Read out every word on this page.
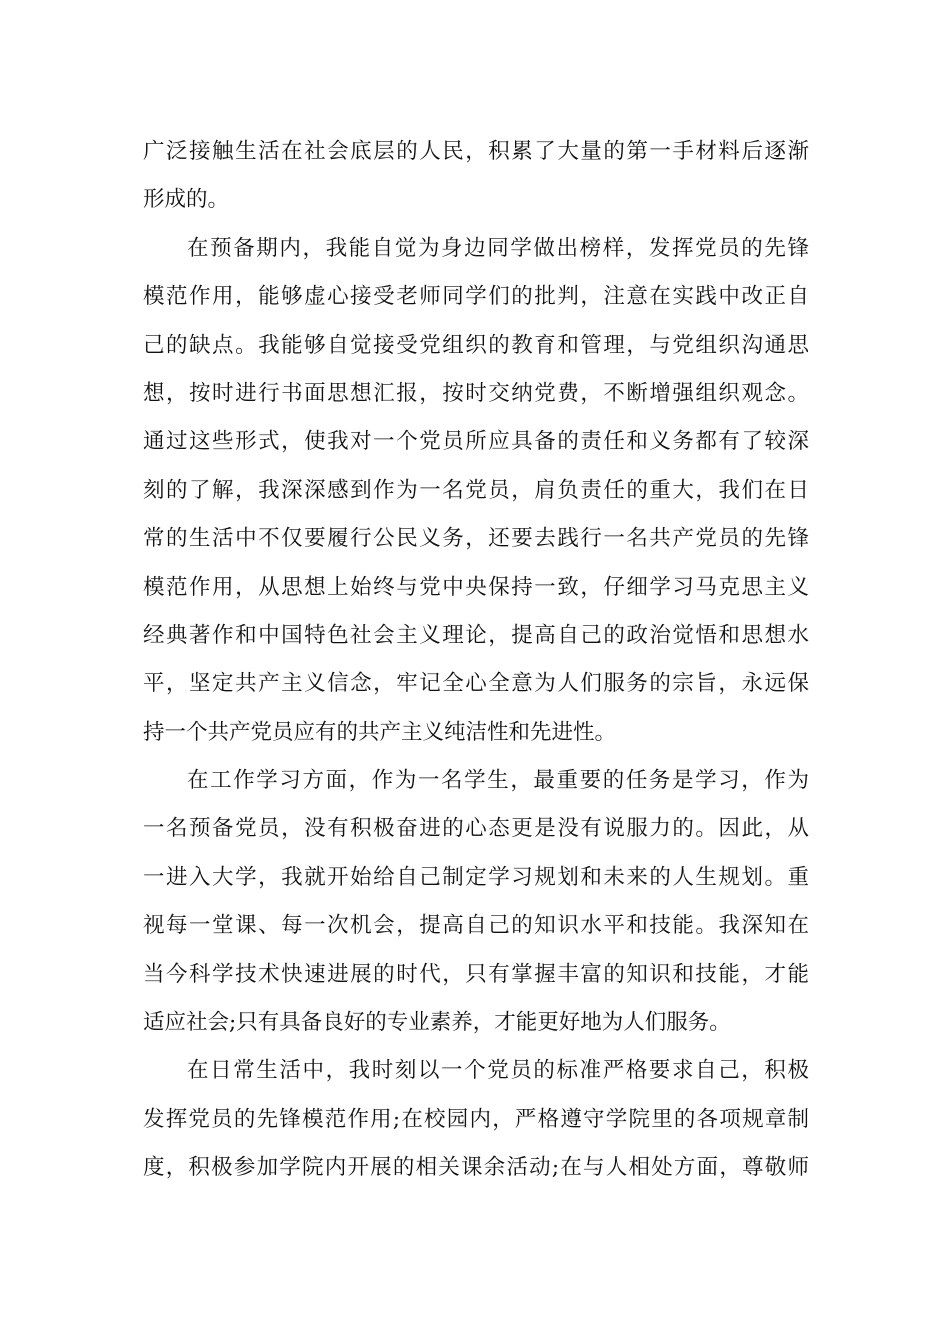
广泛接触生活在社会底层的人民，积累了大量的第一手材料后逐渐
形成的。
在预备期内，我能自觉为身边同学做出榜样，发挥党员的先锋
模范作用，能够虚心接受老师同学们的批判，注意在实践中改正自
己的缺点。我能够自觉接受党组织的教育和管理，与党组织沟通思
想，按时进行书面思想汇报，按时交纳党费，不断增强组织观念。
通过这些形式，使我对一个党员所应具备的责任和义务都有了较深
刻的了解，我深深感到作为一名党员，肩负责任的重大，我们在日
常的生活中不仅要履行公民义务，还要去践行一名共产党员的先锋
模范作用，从思想上始终与党中央保持一致，仔细学习马克思主义
经典著作和中国特色社会主义理论，提高自己的政治觉悟和思想水
平，坚定共产主义信念，牢记全心全意为人们服务的宗旨，永远保
持一个共产党员应有的共产主义纯洁性和先进性。
在工作学习方面，作为一名学生，最重要的任务是学习，作为
一名预备党员，没有积极奋进的心态更是没有说服力的。因此，从
一进入大学，我就开始给自己制定学习规划和未来的人生规划。重
视每一堂课、每一次机会，提高自己的知识水平和技能。我深知在
当今科学技术快速进展的时代，只有掌握丰富的知识和技能，才能
适应社会;只有具备良好的专业素养，才能更好地为人们服务。
在日常生活中，我时刻以一个党员的标准严格要求自己，积极
发挥党员的先锋模范作用;在校园内，严格遵守学院里的各项规章制
度，积极参加学院内开展的相关课余活动;在与人相处方面，尊敬师
